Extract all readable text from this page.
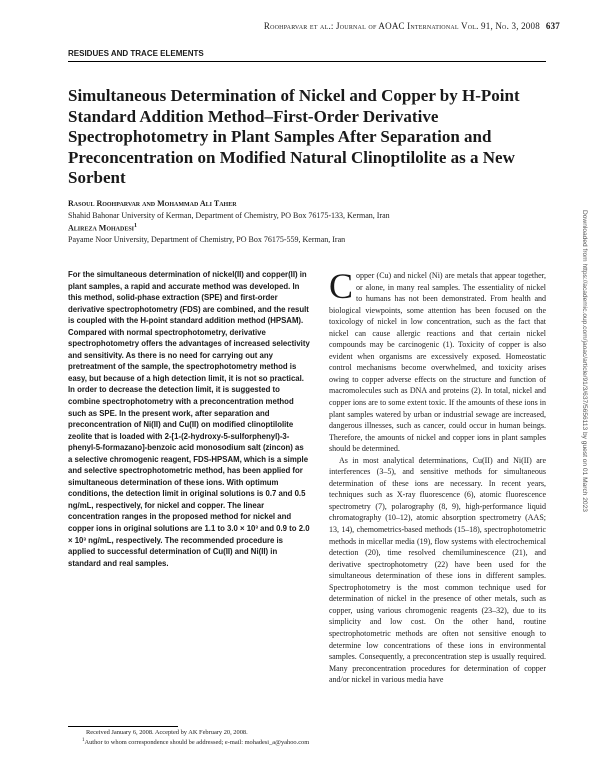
Roohparvar et al.: Journal of AOAC International Vol. 91, No. 3, 2008 637
RESIDUES AND TRACE ELEMENTS
Simultaneous Determination of Nickel and Copper by H-Point Standard Addition Method–First-Order Derivative Spectrophotometry in Plant Samples After Separation and Preconcentration on Modified Natural Clinoptilolite as a New Sorbent
Rasoul Roohparvar and Mohammad Ali Taher
Shahid Bahonar University of Kerman, Department of Chemistry, PO Box 76175-133, Kerman, Iran
Alireza Mohadesi$^1$
Payame Noor University, Department of Chemistry, PO Box 76175-559, Kerman, Iran

For the simultaneous determination of nickel(II) and copper(II) in plant samples, a rapid and accurate method was developed. In this method, solid-phase extraction (SPE) and first-order derivative spectrophotometry (FDS) are combined, and the result is coupled with the H-point standard addition method (HPSAM). Compared with normal spectrophotometry, derivative spectrophotometry offers the advantages of increased selectivity and sensitivity. As there is no need for carrying out any pretreatment of the sample, the spectrophotometry method is easy, but because of a high detection limit, it is not so practical. In order to decrease the detection limit, it is suggested to combine spectrophotometry with a preconcentration method such as SPE. In the present work, after separation and preconcentration of Ni(II) and Cu(II) on modified clinoptilolite zeolite that is loaded with 2-[1-(2-hydroxy-5-sulforphenyl)-3-phenyl-5-formazano]-benzoic acid monosodium salt (zincon) as a selective chromogenic reagent, FDS-HPSAM, which is a simple and selective spectrophotometric method, has been applied for simultaneous determination of these ions. With optimum conditions, the detection limit in original solutions is 0.7 and 0.5 ng/mL, respectively, for nickel and copper. The linear concentration ranges in the proposed method for nickel and copper ions in original solutions are 1.1 to 3.0 × 10³ and 0.9 to 2.0 × 10³ ng/mL, respectively. The recommended procedure is applied to successful determination of Cu(II) and Ni(II) in standard and real samples.

Received January 6, 2008. Accepted by AK February 20, 2008.
$^1$Author to whom correspondence should be addressed; e-mail: mohadesi_a@yahoo.com

Copper (Cu) and nickel (Ni) are metals that appear together, or alone, in many real samples. The essentiality of nickel to humans has not been demonstrated. From health and biological viewpoints, some attention has been focused on the toxicology of nickel in low concentration, such as the fact that nickel can cause allergic reactions and that certain nickel compounds may be carcinogenic (1). Toxicity of copper is also evident when organisms are excessively exposed. Homeostatic control mechanisms become overwhelmed, and toxicity arises owing to copper adverse effects on the structure and function of macromolecules such as DNA and proteins (2). In total, nickel and copper ions are to some extent toxic. If the amounts of these ions in plant samples watered by urban or industrial sewage are increased, dangerous illnesses, such as cancer, could occur in human beings. Therefore, the amounts of nickel and copper ions in plant samples should be determined.

As in most analytical determinations, Cu(II) and Ni(II) are interferences (3–5), and sensitive methods for simultaneous determination of these ions are necessary. In recent years, techniques such as X-ray fluorescence (6), atomic fluorescence spectrometry (7), polarography (8, 9), high-performance liquid chromatography (10–12), atomic absorption spectrometry (AAS; 13, 14), chemometrics-based methods (15–18), spectrophotometric methods in micellar media (19), flow systems with electrochemical detection (20), time resolved chemiluminescence (21), and derivative spectrophotometry (22) have been used for the simultaneous determination of these ions in different samples. Spectrophotometry is the most common technique used for determination of nickel in the presence of other metals, such as copper, using various chromogenic reagents (23–32), due to its simplicity and low cost. On the other hand, routine spectrophotometric methods are often not sensitive enough to determine low concentrations of these ions in environmental samples. Consequently, a preconcentration step is usually required. Many preconcentration procedures for determination of copper and/or nickel in various media have

Downloaded from https://academic.oup.com/jaoac/article/91/3/637/5656113 by guest on 01 March 2023
